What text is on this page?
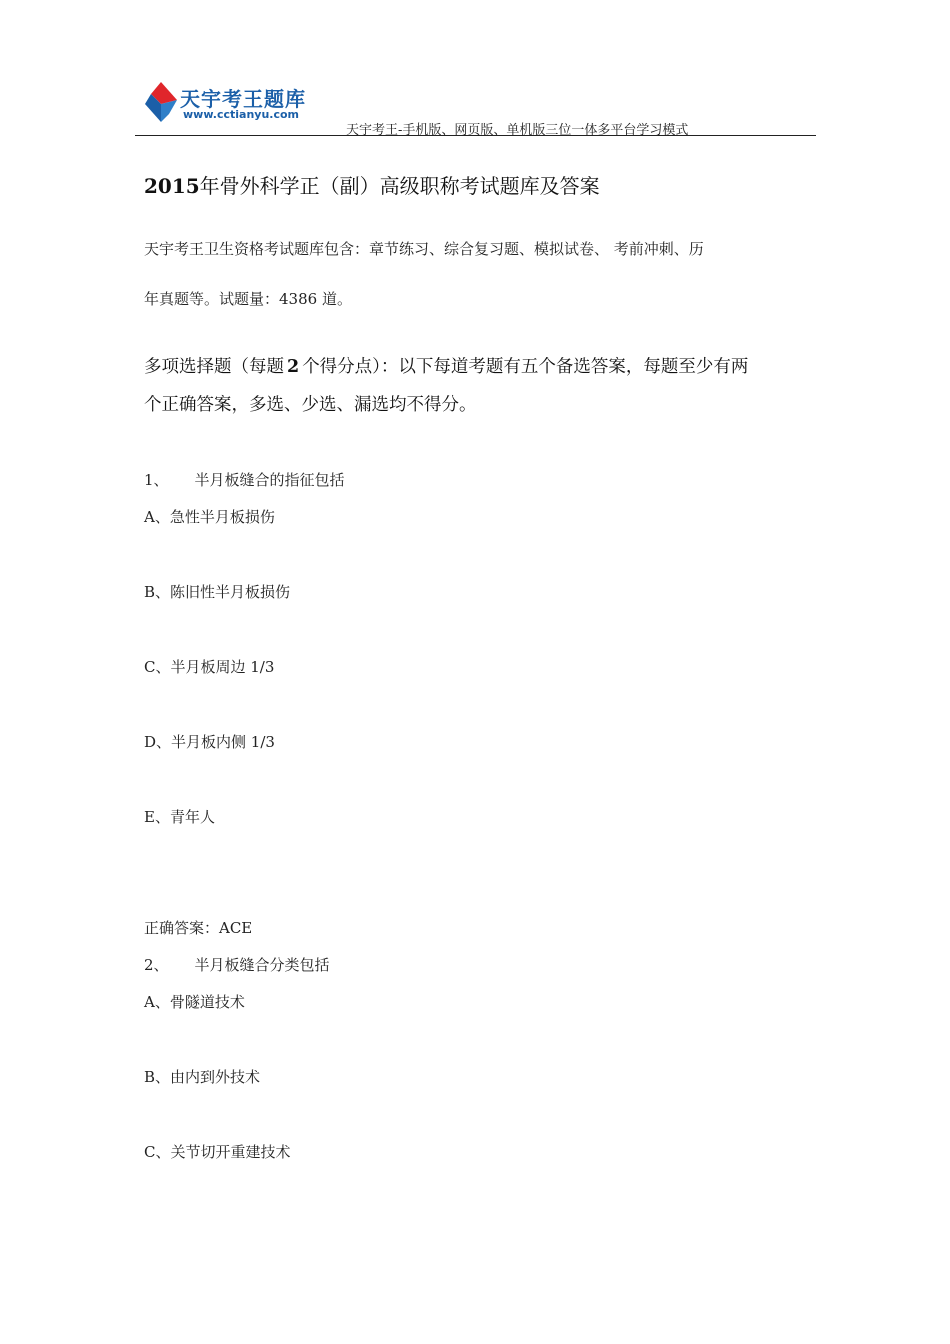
天宇考王题库
www.cctianyu.com
天宇考王-手机版、网页版、单机版三位一体多平台学习模式
2015年骨外科学正（副）高级职称考试题库及答案
天宇考王卫生资格考试题库包含：章节练习、综合复习题、模拟试卷、 考前冲刺、历
年真题等。试题量：4386 道。
多项选择题（每题 2 个得分点）：以下每道考题有五个备选答案，每题至少有两
个正确答案，多选、少选、漏选均不得分。
1、 半月板缝合的指征包括
A、急性半月板损伤
B、陈旧性半月板损伤
C、半月板周边 1/3
D、半月板内侧 1/3
E、青年人
正确答案：ACE
2、 半月板缝合分类包括
A、骨隧道技术
B、由内到外技术
C、关节切开重建技术
